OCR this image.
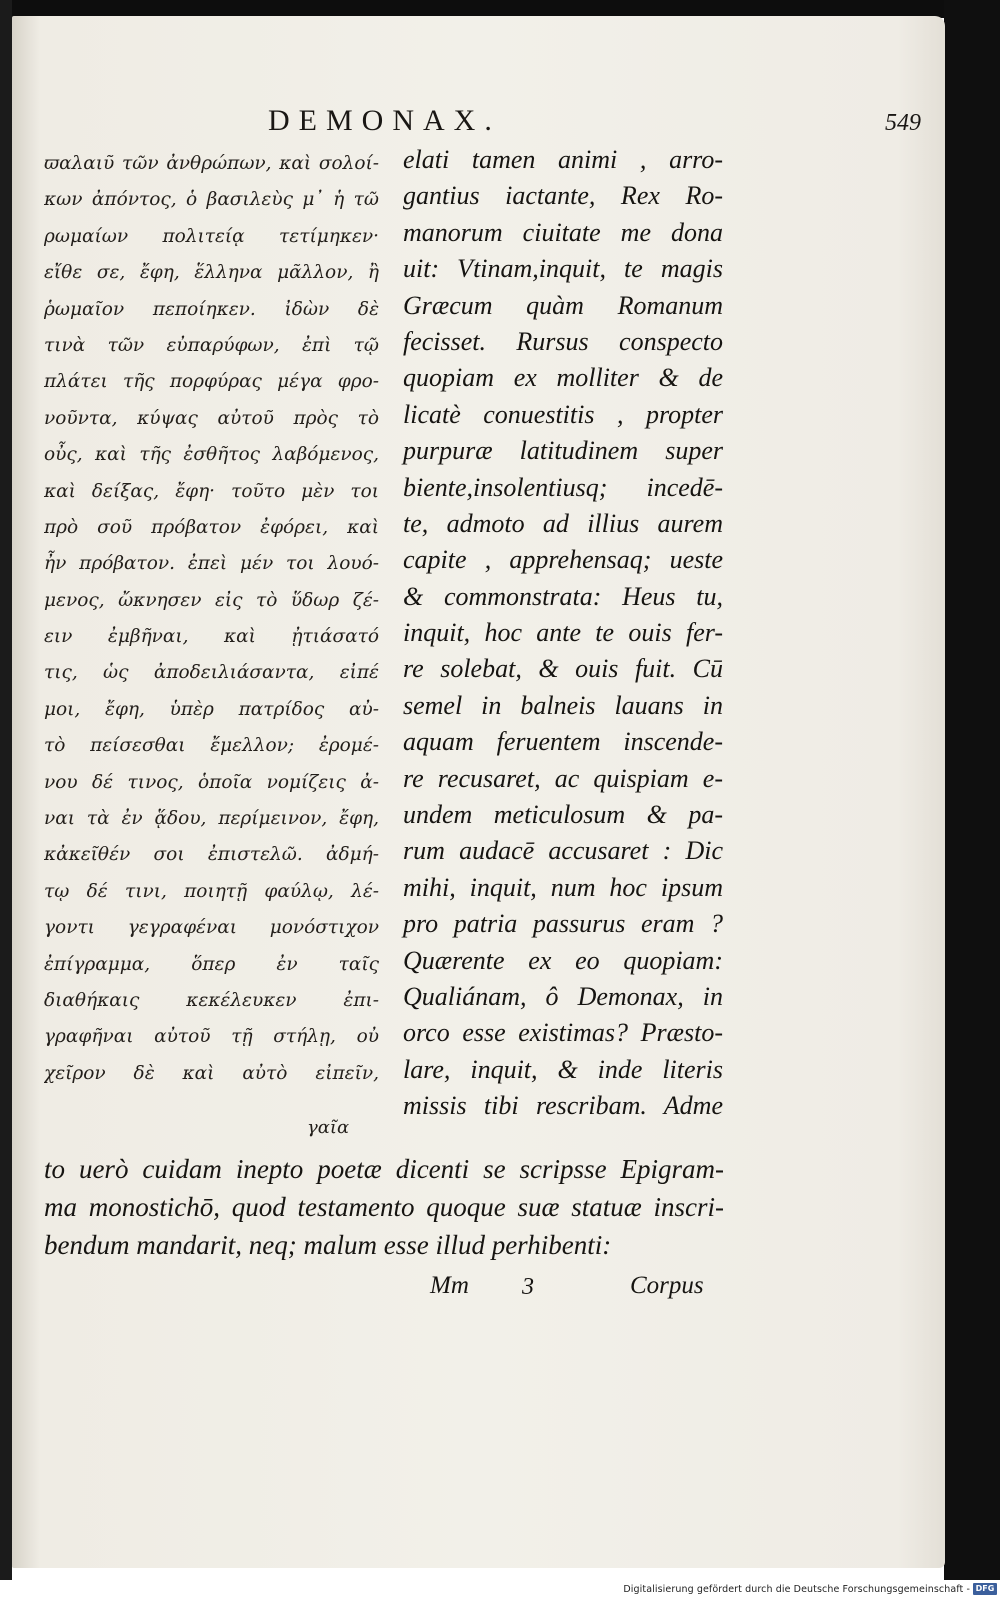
DEMONAX.	549
ϖαλαιῦ τῶν ἀνθρώπων, καὶ σολοί-
κων ἀπόντος, ὁ βασιλεὺς μ᾽ ἡ τῶ
ρωμαίων πολιτείᾳ τετίμηκεν·
εἴθε σε, ἔφη, ἕλληνα μᾶλλον, ἢ
ῥωμαῖον πεποίηκεν. ἰδὼν δὲ
τινὰ τῶν εὐπαρύφων, ἐπὶ τῷ
πλάτει τῆς πορφύρας μέγα φρο-
νοῦντα, κύψας αὐτοῦ πρὸς τὸ
οὖς, καὶ τῆς ἐσθῆτος λαβόμενος,
καὶ δείξας, ἔφη· τοῦτο μὲν τοι
πρὸ σοῦ πρόβατον ἐφόρει, καὶ
ἦν πρόβατον. ἐπεὶ μέν τοι λουό-
μενος, ὤκνησεν εἰς τὸ ὕδωρ ζέ-
ειν ἐμβῆναι, καὶ ᾐτιάσατό
τις, ὡς ἀποδειλιάσαντα, εἰπέ
μοι, ἔφη, ὑπὲρ πατρίδος αὐ-
τὸ πείσεσθαι ἔμελλον; ἐρομέ-
νου δέ τινος, ὁποῖα νομίζεις ἀ-
ναι τὰ ἐν ᾅδου, περίμεινον, ἔφη,
κἀκεῖθέν σοι ἐπιστελῶ. ἀδμή-
τῳ δέ τινι, ποιητῇ φαύλῳ, λέ-
γοντι γεγραφέναι μονόστιχον
ἐπίγραμμα, ὅπερ ἐν ταῖς
διαθήκαις κεκέλευκεν ἐπι-
γραφῆναι αὐτοῦ τῇ στήλῃ, οὐ
χεῖρον δὲ καὶ αὐτὸ εἰπεῖν,
γαῖα
elati tamen animi , arro-
gantius iactante, Rex Ro-
manorum ciuitate me dona
uit: Vtinam,inquit, te magis
Græcum quàm Romanum
fecisset. Rursus conspecto
quopiam ex molliter & de
licatè conuestitis , propter
purpuræ latitudinem super
biente,insolentiusq; incedē-
te, admoto ad illius aurem
capite , apprehensaq; ueste
& commonstrata: Heus tu,
inquit, hoc ante te ouis fer-
re solebat, & ouis fuit. Cū
semel in balneis lauans in
aquam feruentem inscende-
re recusaret, ac quispiam e-
undem meticulosum & pa-
rum audacē accusaret : Dic
mihi, inquit, num hoc ipsum
pro patria passurus eram ?
Quærente ex eo quopiam:
Qualiánam, ô Demonax, in
orco esse existimas? Præsto-
lare, inquit, & inde literis
missis tibi rescribam. Adme
to uerò cuidam inepto poetæ dicenti se scripsse Epigram-
ma monostichō, quod testamento quoque suæ statuæ inscri-
bendum mandarit, neq; malum esse illud perhibenti:
Mm 3	Corpus
Digitalisierung gefördert durch die Deutsche Forschungsgemeinschaft - DFG
